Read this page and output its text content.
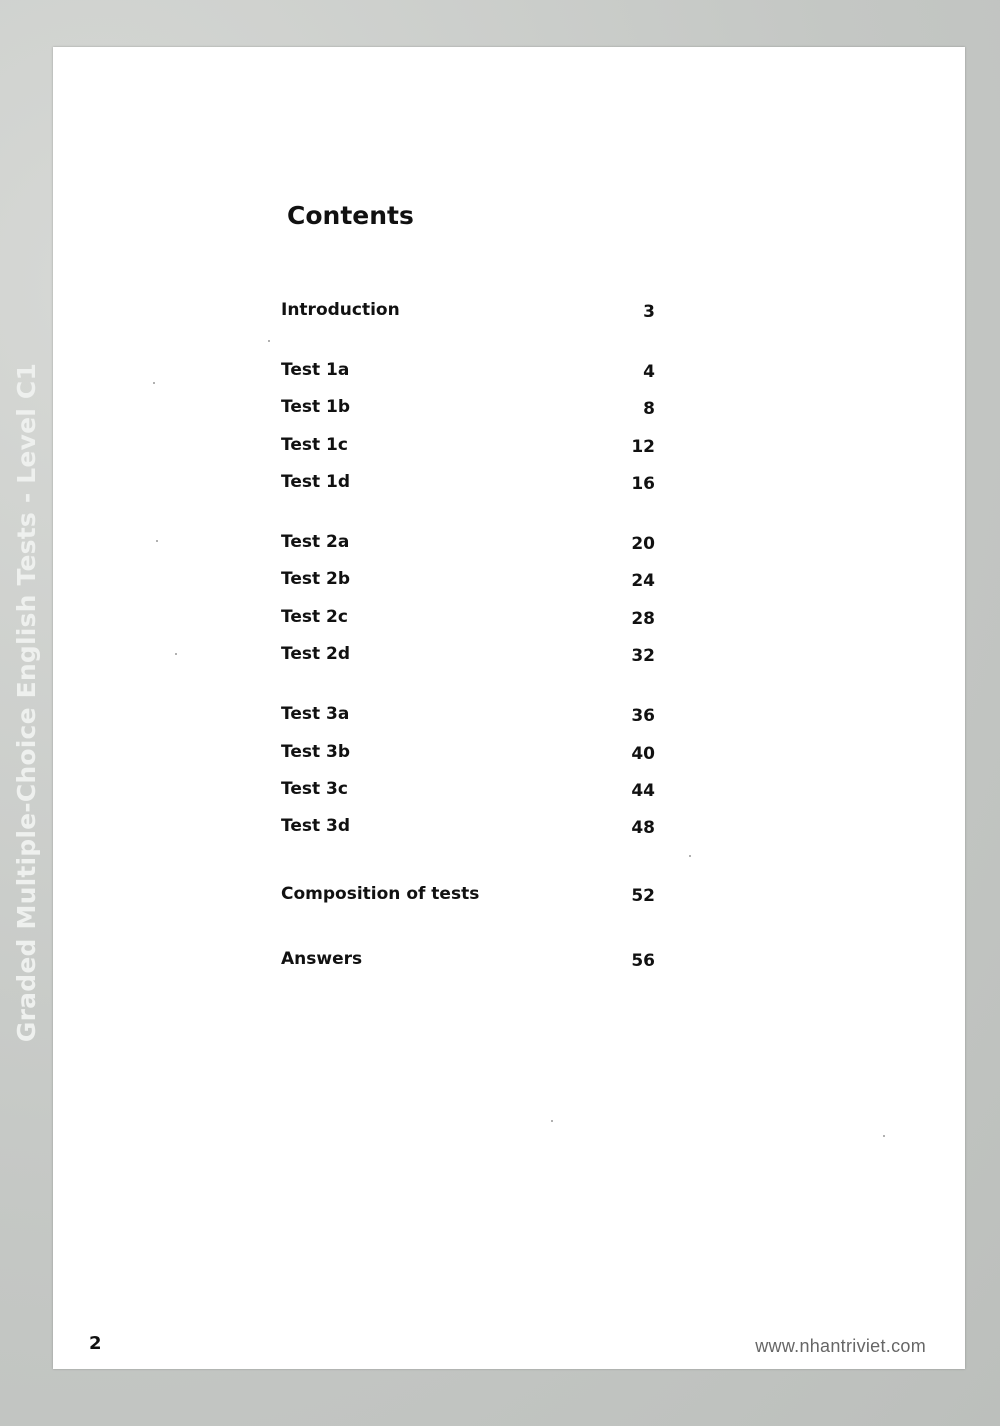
Graded Multiple-Choice English Tests - Level C1
Contents
Introduction	3
Test 1a	4
Test 1b	8
Test 1c	12
Test 1d	16
Test 2a	20
Test 2b	24
Test 2c	28
Test 2d	32
Test 3a	36
Test 3b	40
Test 3c	44
Test 3d	48
Composition of tests	52
Answers	56
2	www.nhantriviet.com
